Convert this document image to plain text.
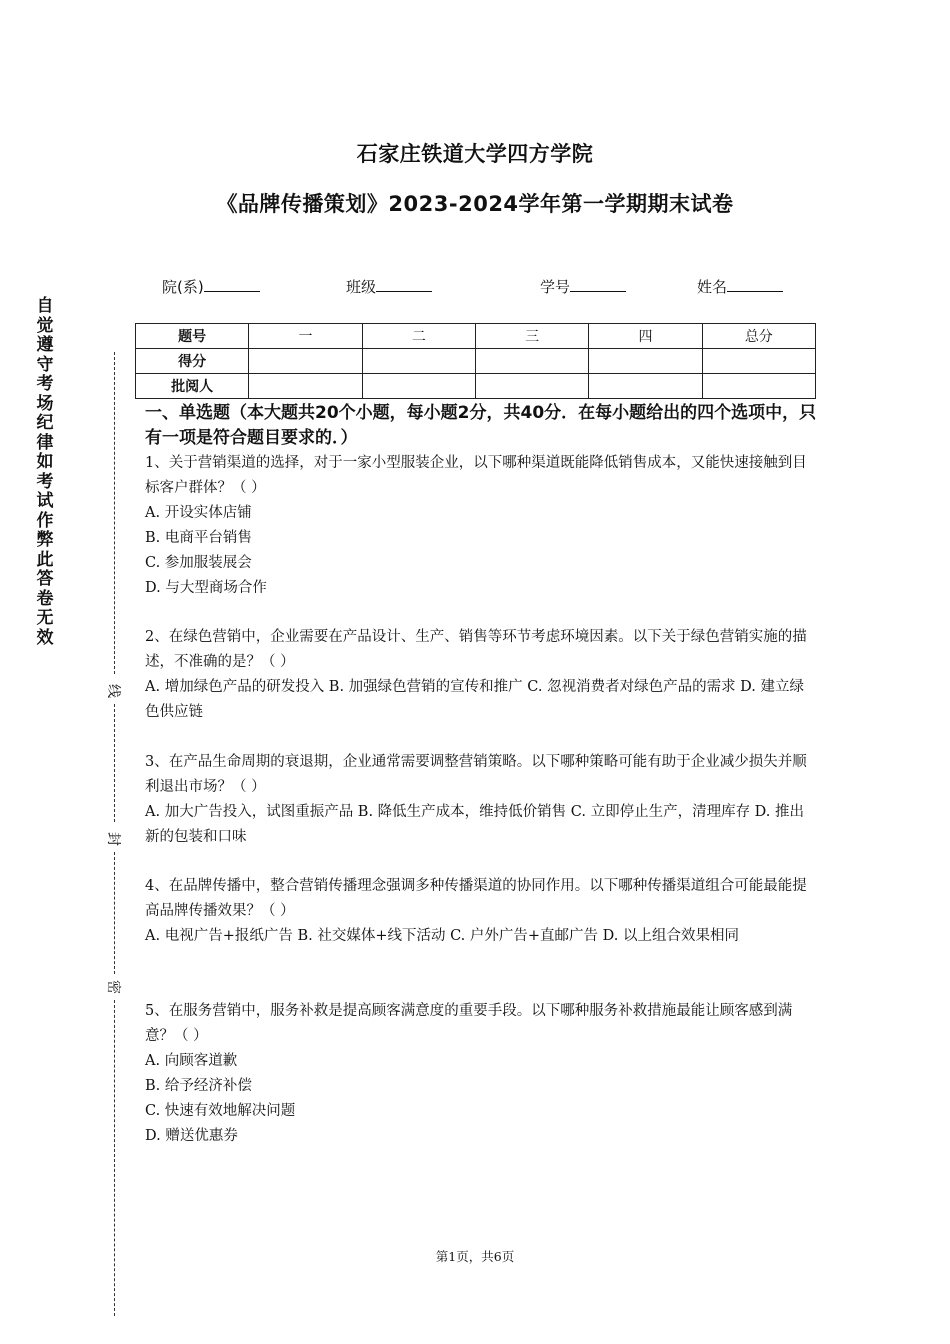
石家庄铁道大学四方学院
《品牌传播策划》2023-2024学年第一学期期末试卷
院(系)	班级	学号	姓名
题号	一	二	三	四	总分
得分					
批阅人					
自觉遵守考场纪律如考试作弊此答卷无效
线
封
密
一、单选题（本大题共20个小题，每小题2分，共40分．在每小题给出的四个选项中，只有一项是符合题目要求的．）

1、关于营销渠道的选择，对于一家小型服装企业，以下哪种渠道既能降低销售成本，又能快速接触到目标客户群体？（ ）

A. 开设实体店铺
B. 电商平台销售
C. 参加服装展会
D. 与大型商场合作

2、在绿色营销中，企业需要在产品设计、生产、销售等环节考虑环境因素。以下关于绿色营销实施的描述，不准确的是？（ ）

A. 增加绿色产品的研发投入 B. 加强绿色营销的宣传和推广 C. 忽视消费者对绿色产品的需求 D. 建立绿色供应链

3、在产品生命周期的衰退期，企业通常需要调整营销策略。以下哪种策略可能有助于企业减少损失并顺利退出市场？（ ）

A. 加大广告投入，试图重振产品 B. 降低生产成本，维持低价销售 C. 立即停止生产，清理库存 D. 推出新的包装和口味

4、在品牌传播中，整合营销传播理念强调多种传播渠道的协同作用。以下哪种传播渠道组合可能最能提高品牌传播效果？（ ）

A. 电视广告+报纸广告 B. 社交媒体+线下活动 C. 户外广告+直邮广告 D. 以上组合效果相同

5、在服务营销中，服务补救是提高顾客满意度的重要手段。以下哪种服务补救措施最能让顾客感到满意？（ ）

A. 向顾客道歉
B. 给予经济补偿
C. 快速有效地解决问题
D. 赠送优惠券
第1页，共6页
